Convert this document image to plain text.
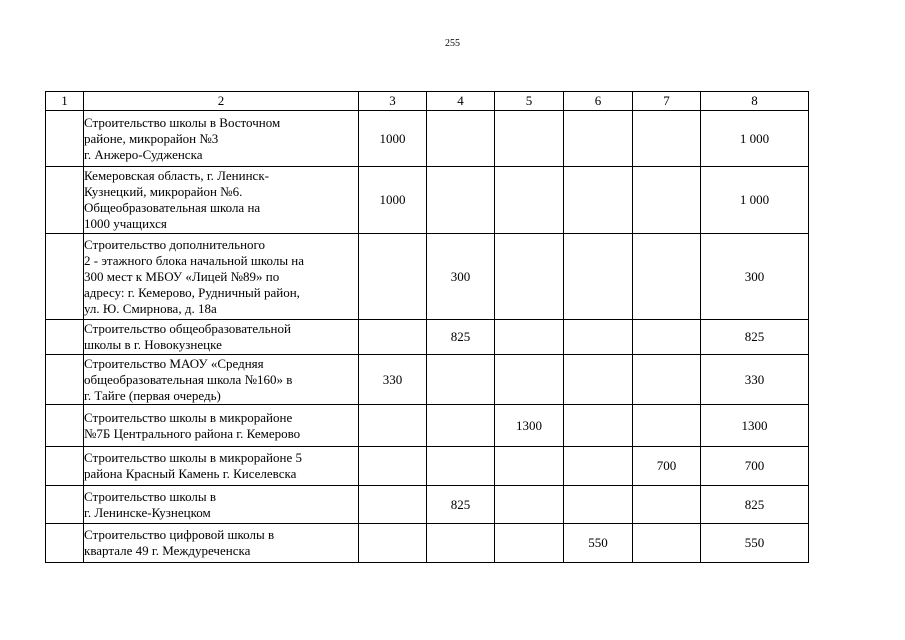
255
1	2	3	4	5	6	7	8

	Строительство школы в Восточном
районе, микрорайон №3
г. Анжеро-Судженска	1000					1 000

	Кемеровская область, г. Ленинск-
Кузнецкий, микрорайон №6.
Общеобразовательная школа на
1000 учащихся	1000					1 000

	Строительство дополнительного
2 - этажного блока начальной школы на
300 мест к МБОУ «Лицей №89» по
адресу: г. Кемерово, Рудничный район,
ул. Ю. Смирнова, д. 18а		300				300

	Строительство общеобразовательной
школы в г. Новокузнецке		825				825

	Строительство МАОУ «Средняя
общеобразовательная школа №160» в
г. Тайге (первая очередь)	330					330

	Строительство школы в микрорайоне
№7Б Центрального района г. Кемерово			1300			1300

	Строительство школы в микрорайоне 5
района Красный Камень г. Киселевска					700	700

	Строительство школы в
г. Ленинске-Кузнецком		825				825

	Строительство цифровой школы в
квартале 49 г. Междуреченска				550		550
